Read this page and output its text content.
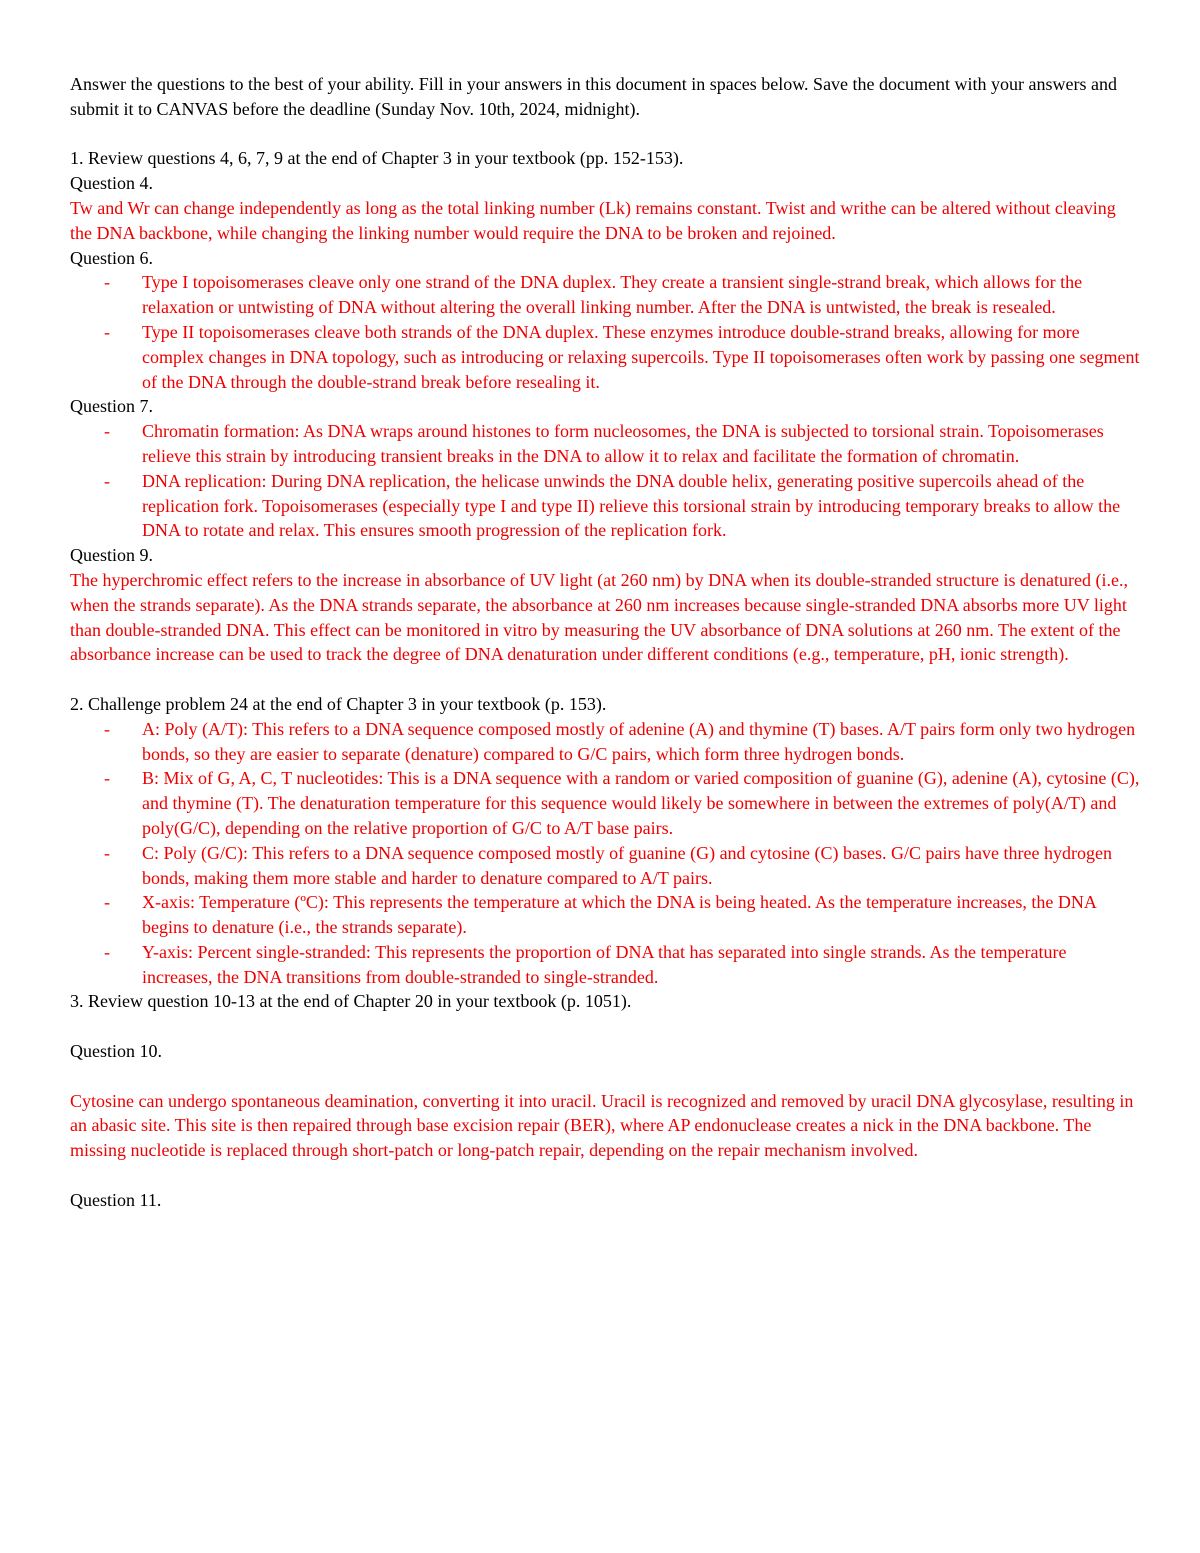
Answer the questions to the best of your ability. Fill in your answers in this document in spaces below. Save the document with your answers and submit it to CANVAS before the deadline (Sunday Nov. 10th, 2024, midnight).

1. Review questions 4, 6, 7, 9 at the end of Chapter 3 in your textbook (pp. 152-153).

Question 4.

Tw and Wr can change independently as long as the total linking number (Lk) remains constant. Twist and writhe can be altered without cleaving the DNA backbone, while changing the linking number would require the DNA to be broken and rejoined.

Question 6.

- Type I topoisomerases cleave only one strand of the DNA duplex. They create a transient single-strand break, which allows for the relaxation or untwisting of DNA without altering the overall linking number. After the DNA is untwisted, the break is resealed.
- Type II topoisomerases cleave both strands of the DNA duplex. These enzymes introduce double-strand breaks, allowing for more complex changes in DNA topology, such as introducing or relaxing supercoils. Type II topoisomerases often work by passing one segment of the DNA through the double-strand break before resealing it.

Question 7.

- Chromatin formation: As DNA wraps around histones to form nucleosomes, the DNA is subjected to torsional strain. Topoisomerases relieve this strain by introducing transient breaks in the DNA to allow it to relax and facilitate the formation of chromatin.
- DNA replication: During DNA replication, the helicase unwinds the DNA double helix, generating positive supercoils ahead of the replication fork. Topoisomerases (especially type I and type II) relieve this torsional strain by introducing temporary breaks to allow the DNA to rotate and relax. This ensures smooth progression of the replication fork.

Question 9.

The hyperchromic effect refers to the increase in absorbance of UV light (at 260 nm) by DNA when its double-stranded structure is denatured (i.e., when the strands separate). As the DNA strands separate, the absorbance at 260 nm increases because single-stranded DNA absorbs more UV light than double-stranded DNA. This effect can be monitored in vitro by measuring the UV absorbance of DNA solutions at 260 nm. The extent of the absorbance increase can be used to track the degree of DNA denaturation under different conditions (e.g., temperature, pH, ionic strength).

2. Challenge problem 24 at the end of Chapter 3 in your textbook (p. 153).

- A: Poly (A/T): This refers to a DNA sequence composed mostly of adenine (A) and thymine (T) bases. A/T pairs form only two hydrogen bonds, so they are easier to separate (denature) compared to G/C pairs, which form three hydrogen bonds.
- B: Mix of G, A, C, T nucleotides: This is a DNA sequence with a random or varied composition of guanine (G), adenine (A), cytosine (C), and thymine (T). The denaturation temperature for this sequence would likely be somewhere in between the extremes of poly(A/T) and poly(G/C), depending on the relative proportion of G/C to A/T base pairs.
- C: Poly (G/C): This refers to a DNA sequence composed mostly of guanine (G) and cytosine (C) bases. G/C pairs have three hydrogen bonds, making them more stable and harder to denature compared to A/T pairs.
- X-axis: Temperature (ºC): This represents the temperature at which the DNA is being heated. As the temperature increases, the DNA begins to denature (i.e., the strands separate).
- Y-axis: Percent single-stranded: This represents the proportion of DNA that has separated into single strands. As the temperature increases, the DNA transitions from double-stranded to single-stranded.

3. Review question 10-13 at the end of Chapter 20 in your textbook (p. 1051).

Question 10.

Cytosine can undergo spontaneous deamination, converting it into uracil. Uracil is recognized and removed by uracil DNA glycosylase, resulting in an abasic site. This site is then repaired through base excision repair (BER), where AP endonuclease creates a nick in the DNA backbone. The missing nucleotide is replaced through short-patch or long-patch repair, depending on the repair mechanism involved.

Question 11.
